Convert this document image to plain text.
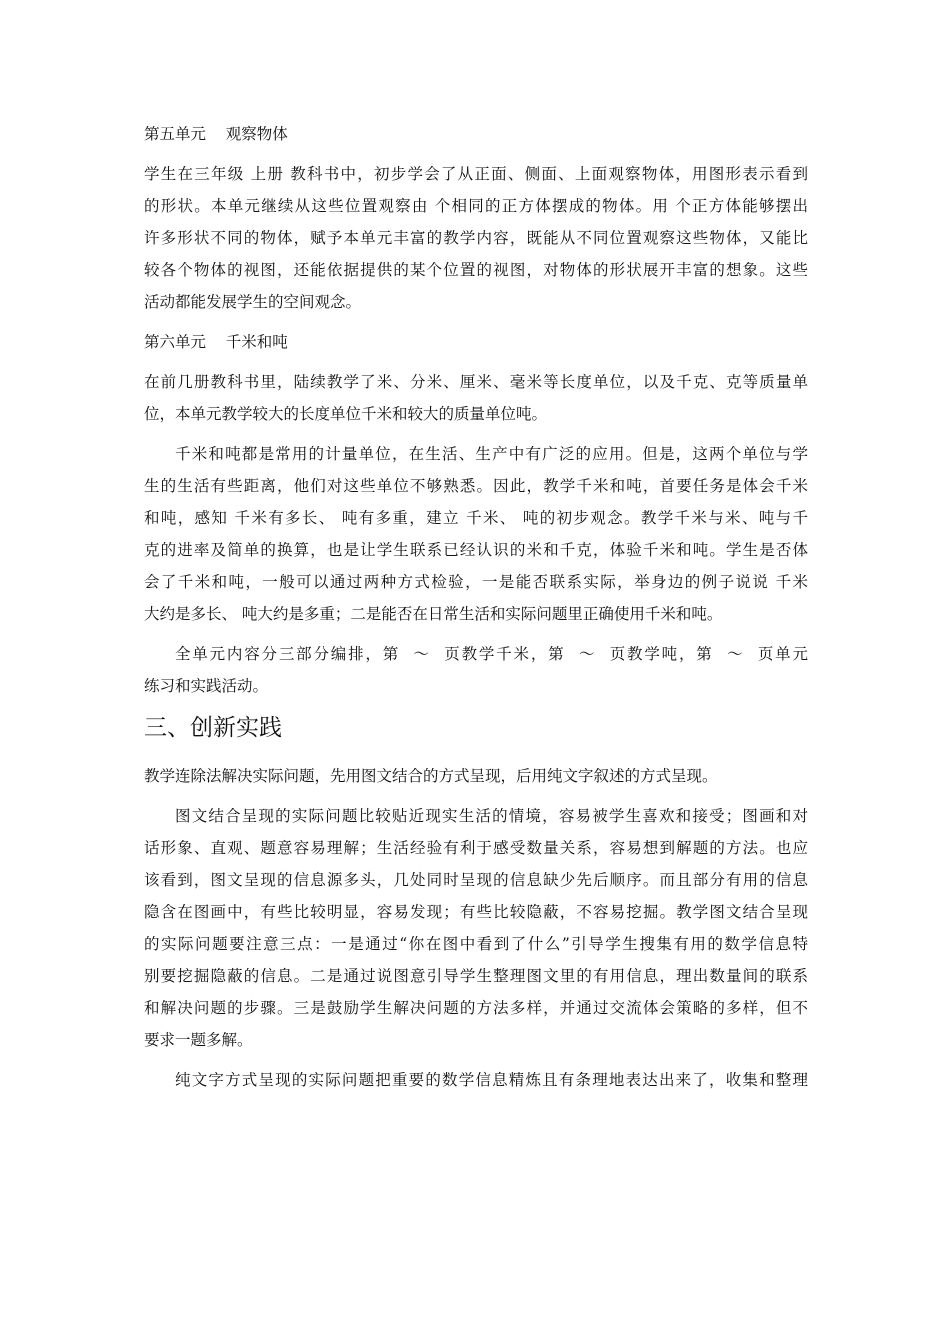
第五单元    观察物体

学生在三年级 上册 教科书中，初步学会了从正面、侧面、上面观察物体，用图形表示看到

的形状。本单元继续从这些位置观察由 个相同的正方体摆成的物体。用 个正方体能够摆出

许多形状不同的物体，赋予本单元丰富的教学内容，既能从不同位置观察这些物体，又能比

较各个物体的视图，还能依据提供的某个位置的视图，对物体的形状展开丰富的想象。这些

活动都能发展学生的空间观念。

第六单元    千米和吨

在前几册教科书里，陆续教学了米、分米、厘米、毫米等长度单位，以及千克、克等质量单

位，本单元教学较大的长度单位千米和较大的质量单位吨。

千米和吨都是常用的计量单位，在生活、生产中有广泛的应用。但是，这两个单位与学

生的生活有些距离，他们对这些单位不够熟悉。因此，教学千米和吨，首要任务是体会千米

和吨，感知 千米有多长、 吨有多重，建立 千米、 吨的初步观念。教学千米与米、吨与千

克的进率及简单的换算，也是让学生联系已经认识的米和千克，体验千米和吨。学生是否体

会了千米和吨，一般可以通过两种方式检验，一是能否联系实际，举身边的例子说说 千米

大约是多长、 吨大约是多重；二是能否在日常生活和实际问题里正确使用千米和吨。

全单元内容分三部分编排，第  ～  页教学千米，第  ～  页教学吨，第  ～  页单元

练习和实践活动。

三、创新实践

教学连除法解决实际问题，先用图文结合的方式呈现，后用纯文字叙述的方式呈现。

图文结合呈现的实际问题比较贴近现实生活的情境，容易被学生喜欢和接受；图画和对

话形象、直观、题意容易理解；生活经验有利于感受数量关系，容易想到解题的方法。也应

该看到，图文呈现的信息源多头，几处同时呈现的信息缺少先后顺序。而且部分有用的信息

隐含在图画中，有些比较明显，容易发现；有些比较隐蔽，不容易挖掘。教学图文结合呈现

的实际问题要注意三点：一是通过“你在图中看到了什么”引导学生搜集有用的数学信息特

别要挖掘隐蔽的信息。二是通过说图意引导学生整理图文里的有用信息，理出数量间的联系

和解决问题的步骤。三是鼓励学生解决问题的方法多样，并通过交流体会策略的多样，但不

要求一题多解。

纯文字方式呈现的实际问题把重要的数学信息精炼且有条理地表达出来了，收集和整理
